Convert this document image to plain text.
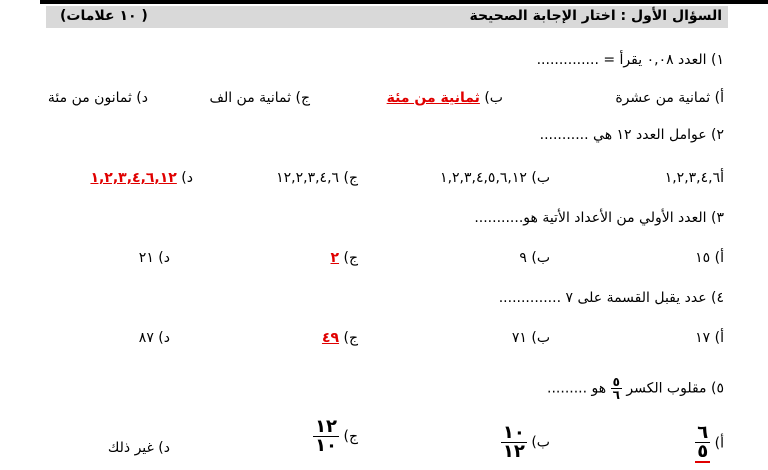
السؤال الأول : اختار الإجابة الصحيحة
( ١٠ علامات)
١) العدد ٠,٠٨ يقرأ = ..............
أ) ثمانية من عشرة
ب) ثمانية من مئة
ج) ثمانية من الف
د) ثمانون من مئة
٢) عوامل العدد ١٢ هي ...........
أ١,٢,٣,٤,٦
ب) ١,٢,٣,٤,٥,٦,١٢
ج) ١٢,٢,٣,٤,٦
د) ١,٢,٣,٤,٦,١٢
٣) العدد الأولي من الأعداد الأتية هو...........
أ) ١٥
ب) ٩
ج) ٢
د) ٢١
٤) عدد يقبل القسمة على ٧ ..............
أ) ١٧
ب) ٧١
ج) ٤٩
د) ٨٧
٥) مقلوب الكسر
$\frac{٥}{٦}$
هو .........
أ)
$\frac{٦}{٥}$
ب)
$\frac{١٠}{١٢}$
ج)
$\frac{١٢}{١٠}$
د) غير ذلك
